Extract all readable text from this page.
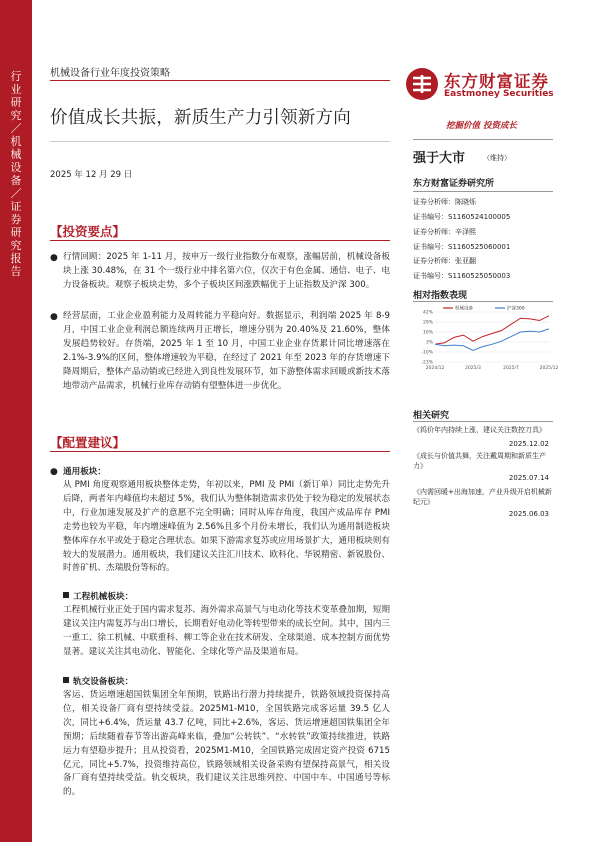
行业研究／机械设备／证券研究报告
机械设备行业年度投资策略
价值成长共振，新质生产力引领新方向
2025 年 12 月 29 日
东方财富证券
Eastmoney Securities
挖掘价值 投资成长
强于大市	（维持）
东方财富证券研究所
证券分析师：陈晓烁
证书编号：S1160524100005
证券分析师：辛泽熙
证书编号：S1160525060001
证券分析师：张亚翻
证书编号：S1160525050003
相对指数表现
42%
29%
16%
3%
-10%
-23%
2024/12	2025/3	2025/7	2025/12
机械设备	沪深300
相关研究
《钨价年内持续上涨，建议关注数控刀具》
2025.12.02
《成长与价值共舞，关注戴周期和新质生产力》
2025.07.14
《内需回暖+出海加速，产业升级开启机械新纪元》
2025.06.03
【投资要点】
● 行情回顾：2025 年 1-11 月，按申万一级行业指数分布观察，涨幅居前，机械设备板块上涨 30.48%，在 31 个一级行业中排名第六位，仅次于有色金属、通信、电子、电力设备板块。观察子板块走势，多个子板块区间涨跌幅优于上证指数及沪深 300。

● 经营层面，工业企业盈利能力及周转能力平稳向好。数据显示，利润端 2025 年 8-9 月，中国工业企业利润总额连续两月正增长，增速分别为 20.40%及 21.60%，整体发展趋势较好。存货端，2025 年 1 至 10 月，中国工业企业存货累计同比增速落在 2.1%-3.9%的区间，整体增速较为平稳，在经过了 2021 年至 2023 年的存货增速下降周期后，整体产品动销或已经进入到良性发展环节，如下游整体需求回暖或新技术落地带动产品需求，机械行业库存动销有望整体进一步优化。

【配置建议】
● 通用板块：

从 PMI 角度观察通用板块整体走势，年初以来，PMI 及 PMI（新订单）同比走势先升后降，两者年内峰值均未超过 5%，我们认为整体制造需求仍处于较为稳定的发展状态中，行业加速发展及扩产的意愿不完全明确；同时从库存角度，我国产成品库存 PMI 走势也较为平稳，年内增速峰值为 2.56%且多个月份未增长，我们认为通用制造板块整体库存水平或处于稳定合理状态。如果下游需求复苏或应用场景扩大，通用板块则有较大的发展潜力。通用板块，我们建议关注汇川技术、欧科化、华锐精密、新锐股份、时普矿机、杰瑞股份等标的。

工程机械板块：

工程机械行业正处于国内需求复苏、海外需求高景气与电动化等技术变革叠加期，短期建议关注内需复苏与出口增长，长期看好电动化等转型带来的成长空间。其中，国内三一重工、徐工机械、中联重科、柳工等企业在技术研发、全球渠道、成本控制方面优势显著。建议关注其电动化、智能化、全球化等产品及渠道布局。

轨交设备板块：

客运、货运增速超国铁集团全年预期，铁路出行潜力持续提升，铁路领域投资保持高位，相关设备厂商有望持续受益。2025M1-M10，全国铁路完成客运量 39.5 亿人次，同比+6.4%，货运量 43.7 亿吨，同比+2.6%，客运、货运增速超国铁集团全年预期；后续随着春节等出游高峰来临，叠加“公转铁”、“水转铁”政策持续推进，铁路运力有望稳步提升；且从投资看，2025M1-M10，全国铁路完成固定资产投资 6715 亿元，同比+5.7%，投资维持高位，铁路领域相关设备采购有望保持高景气，相关设备厂商有望持续受益。轨交板块，我们建议关注思维列控、中国中车、中国通号等标的。
